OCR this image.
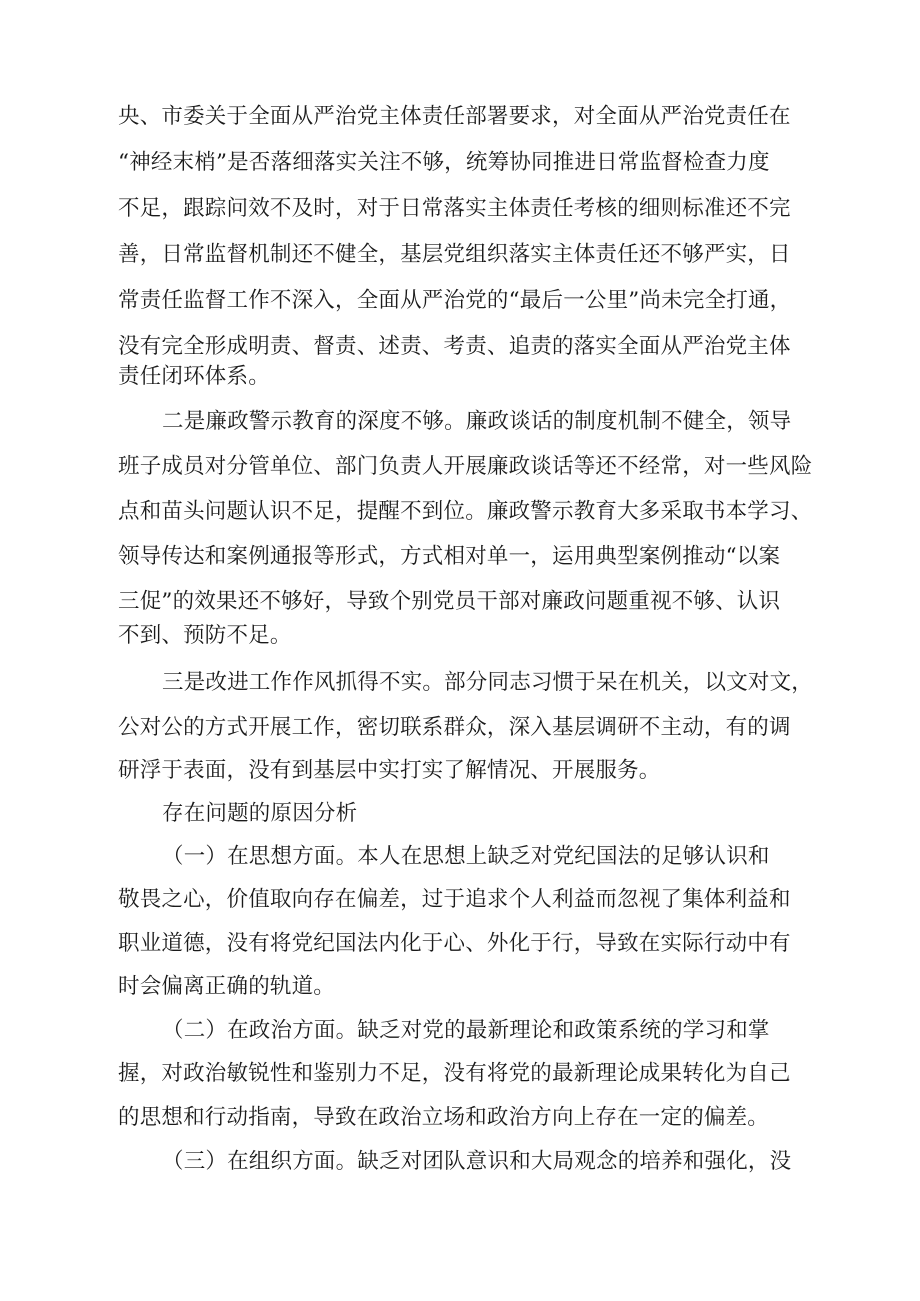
央、市委关于全面从严治党主体责任部署要求，对全面从严治党责任在
“神经末梢”是否落细落实关注不够，统筹协同推进日常监督检查力度
不足，跟踪问效不及时，对于日常落实主体责任考核的细则标准还不完
善，日常监督机制还不健全，基层党组织落实主体责任还不够严实，日
常责任监督工作不深入，全面从严治党的“最后一公里”尚未完全打通，
没有完全形成明责、督责、述责、考责、追责的落实全面从严治党主体
责任闭环体系。
二是廉政警示教育的深度不够。廉政谈话的制度机制不健全，领导
班子成员对分管单位、部门负责人开展廉政谈话等还不经常，对一些风险
点和苗头问题认识不足，提醒不到位。廉政警示教育大多采取书本学习、
领导传达和案例通报等形式，方式相对单一，运用典型案例推动“以案
三促”的效果还不够好，导致个别党员干部对廉政问题重视不够、认识
不到、预防不足。
三是改进工作作风抓得不实。部分同志习惯于呆在机关，以文对文，
公对公的方式开展工作，密切联系群众，深入基层调研不主动，有的调
研浮于表面，没有到基层中实打实了解情况、开展服务。
存在问题的原因分析
（一）在思想方面。本人在思想上缺乏对党纪国法的足够认识和
敬畏之心，价值取向存在偏差，过于追求个人利益而忽视了集体利益和
职业道德，没有将党纪国法内化于心、外化于行，导致在实际行动中有
时会偏离正确的轨道。
（二）在政治方面。缺乏对党的最新理论和政策系统的学习和掌
握，对政治敏锐性和鉴别力不足，没有将党的最新理论成果转化为自己
的思想和行动指南，导致在政治立场和政治方向上存在一定的偏差。
（三）在组织方面。缺乏对团队意识和大局观念的培养和强化，没
